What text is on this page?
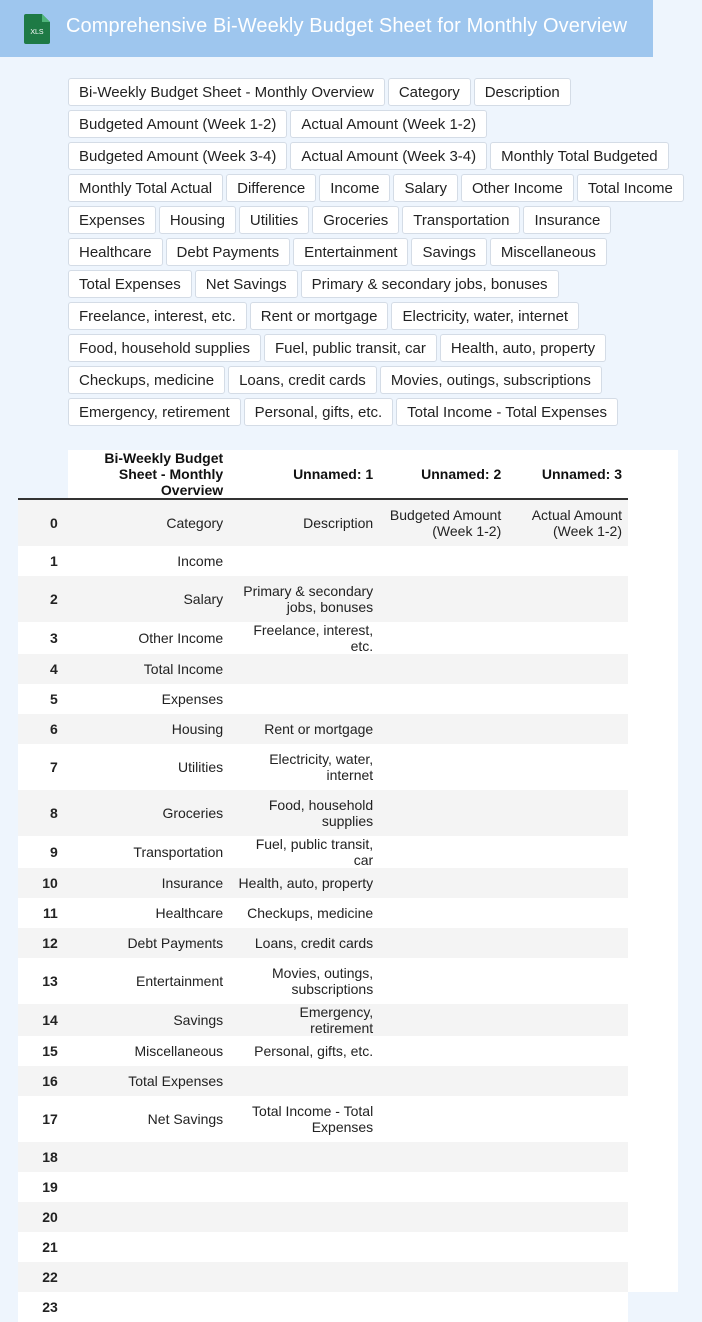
XLS Comprehensive Bi-Weekly Budget Sheet for Monthly Overview
Bi-Weekly Budget Sheet - Monthly Overview	Category	Description
Budgeted Amount (Week 1-2)	Actual Amount (Week 1-2)
Budgeted Amount (Week 3-4)	Actual Amount (Week 3-4)	Monthly Total Budgeted
Monthly Total Actual	Difference	Income	Salary	Other Income	Total Income
Expenses	Housing	Utilities	Groceries	Transportation	Insurance
Healthcare	Debt Payments	Entertainment	Savings	Miscellaneous
Total Expenses	Net Savings	Primary & secondary jobs, bonuses
Freelance, interest, etc.	Rent or mortgage	Electricity, water, internet
Food, household supplies	Fuel, public transit, car	Health, auto, property
Checkups, medicine	Loans, credit cards	Movies, outings, subscriptions
Emergency, retirement	Personal, gifts, etc.	Total Income - Total Expenses
	Bi-Weekly Budget Sheet - Monthly Overview	Unnamed: 1	Unnamed: 2	Unnamed: 3
0	Category	Description	Budgeted Amount (Week 1-2)	Actual Amount (Week 1-2)
1	Income			
2	Salary	Primary & secondary jobs, bonuses		
3	Other Income	Freelance, interest, etc.		
4	Total Income			
5	Expenses			
6	Housing	Rent or mortgage		
7	Utilities	Electricity, water, internet		
8	Groceries	Food, household supplies		
9	Transportation	Fuel, public transit, car		
10	Insurance	Health, auto, property		
11	Healthcare	Checkups, medicine		
12	Debt Payments	Loans, credit cards		
13	Entertainment	Movies, outings, subscriptions		
14	Savings	Emergency, retirement		
15	Miscellaneous	Personal, gifts, etc.		
16	Total Expenses			
17	Net Savings	Total Income - Total Expenses		
18				
19				
20				
21				
22				
23				
